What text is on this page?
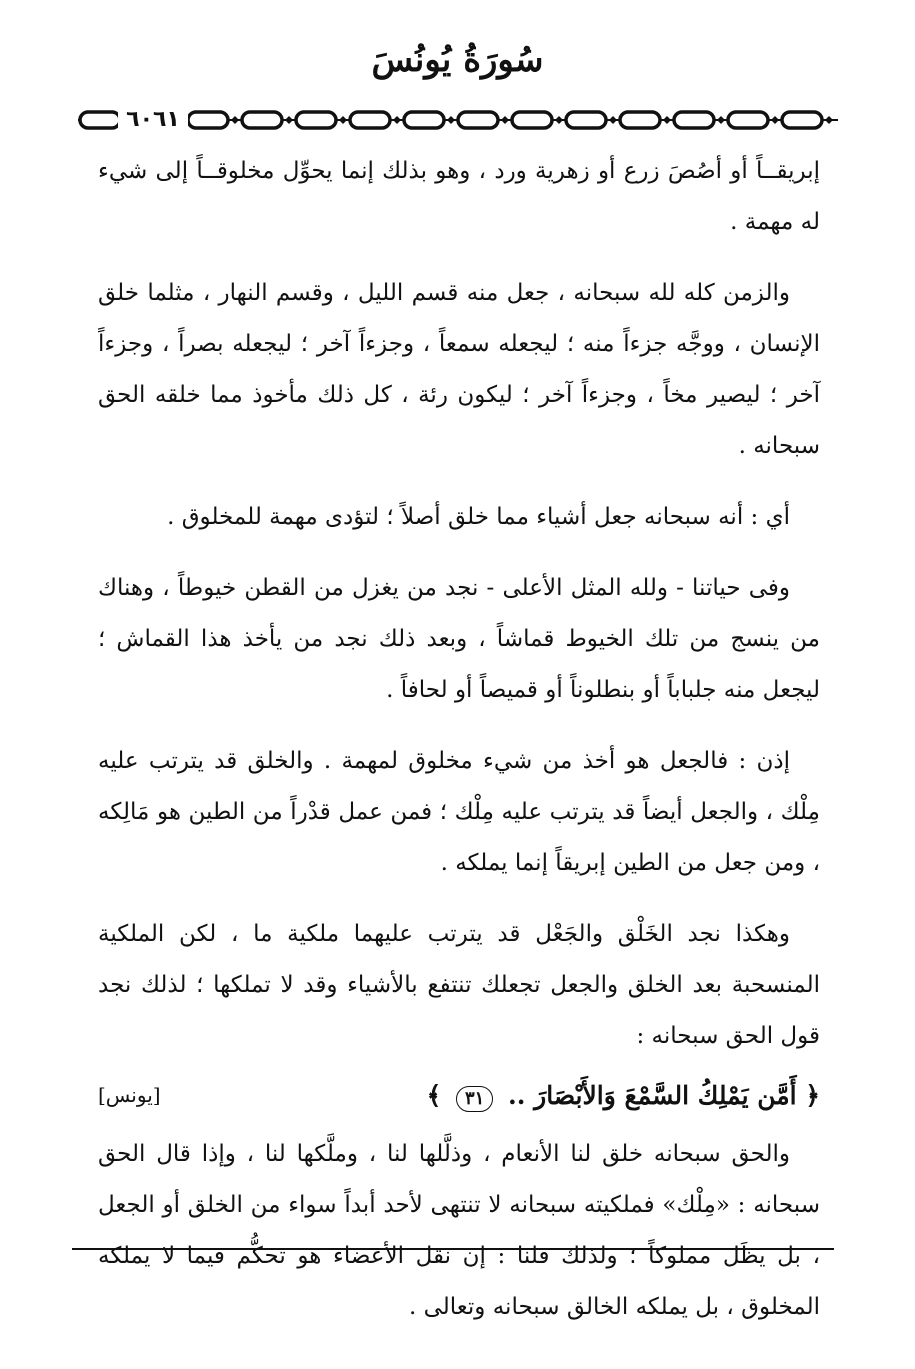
سُورَةُ يُونُسَ
٦٠٦١

إبريقــاً أو أصُصَ زرع أو زهرية ورد ، وهو بذلك إنما يحوِّل مخلوقــاً إلى شيء له مهمة .

والزمن كله لله سبحانه ، جعل منه قسم الليل ، وقسم النهار ، مثلما خلق الإنسان ، ووجَّه جزءاً منه ؛ ليجعله سمعاً ، وجزءاً آخر ؛ ليجعله بصراً ، وجزءاً آخر ؛ ليصير مخاً ، وجزءاً آخر ؛ ليكون رئة ، كل ذلك مأخوذ مما خلقه الحق سبحانه .

أي : أنه سبحانه جعل أشياء مما خلق أصلاً ؛ لتؤدى مهمة للمخلوق .

وفى حياتنا - ولله المثل الأعلى - نجد من يغزل من القطن خيوطاً ، وهناك من ينسج من تلك الخيوط قماشاً ، وبعد ذلك نجد من يأخذ هذا القماش ؛ ليجعل منه جلباباً أو بنطلوناً أو قميصاً أو لحافاً .

إذن : فالجعل هو أخذ من شيء مخلوق لمهمة . والخلق قد يترتب عليه مِلْك ، والجعل أيضاً قد يترتب عليه مِلْك ؛ فمن عمل قدْراً من الطين هو مَالِكه ، ومن جعل من الطين إبريقاً إنما يملكه .

وهكذا نجد الخَلْق والجَعْل قد يترتب عليهما ملكية ما ، لكن الملكية المنسحبة بعد الخلق والجعل تجعلك تنتفع بالأشياء وقد لا تملكها ؛ لذلك نجد قول الحق سبحانه :

﴿ أَمَّن يَمْلِكُ السَّمْعَ وَالأَبْصَارَ .. ٣١ ﴾
[يونس]

والحق سبحانه خلق لنا الأنعام ، وذلَّلها لنا ، وملَّكها لنا ، وإذا قال الحق سبحانه : «مِلْك» فملكيته سبحانه لا تنتهى لأحد أبداً سواء من الخلق أو الجعل ، بل يظَل مملوكاً ؛ ولذلك قلنا : إن نقل الأعضاء هو تحكُّم فيما لا يملكه المخلوق ، بل يملكه الخالق سبحانه وتعالى .
